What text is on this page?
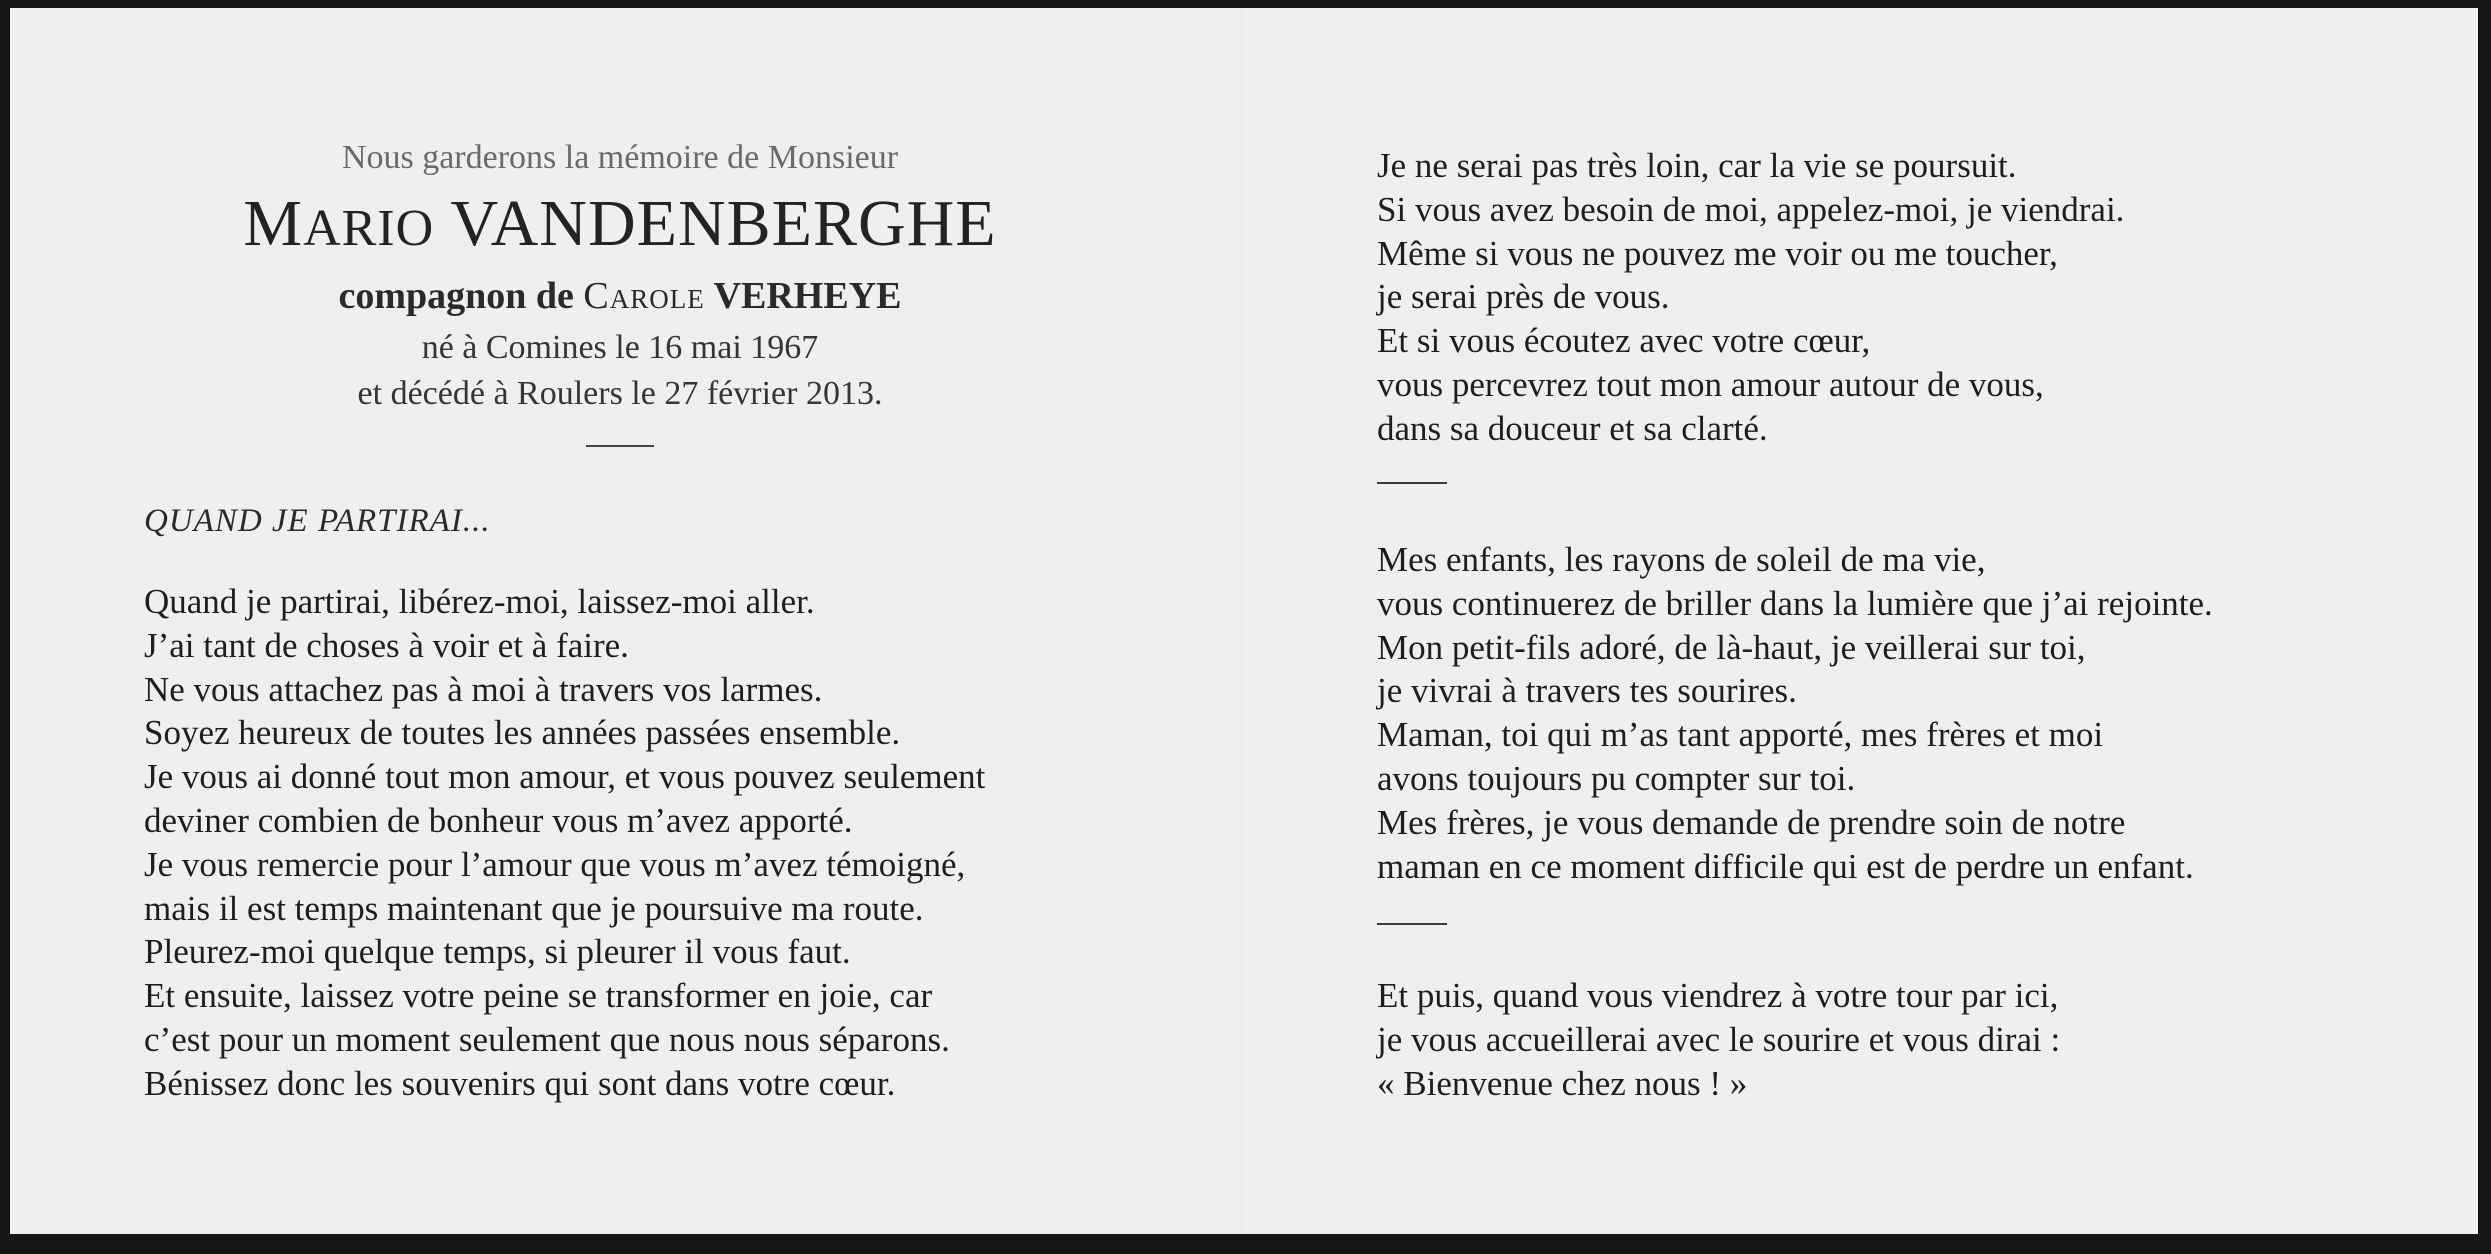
Nous garderons la mémoire de Monsieur

MARIO VANDENBERGHE

compagnon de Carole VERHEYE

né à Comines le 16 mai 1967
et décédé à Roulers le 27 février 2013.

QUAND JE PARTIRAI...

Quand je partirai, libérez-moi, laissez-moi aller.
J’ai tant de choses à voir et à faire.
Ne vous attachez pas à moi à travers vos larmes.
Soyez heureux de toutes les années passées ensemble.
Je vous ai donné tout mon amour, et vous pouvez seulement
deviner combien de bonheur vous m’avez apporté.
Je vous remercie pour l’amour que vous m’avez témoigné,
mais il est temps maintenant que je poursuive ma route.
Pleurez-moi quelque temps, si pleurer il vous faut.
Et ensuite, laissez votre peine se transformer en joie, car
c’est pour un moment seulement que nous nous séparons.
Bénissez donc les souvenirs qui sont dans votre cœur.
Je ne serai pas très loin, car la vie se poursuit.
Si vous avez besoin de moi, appelez-moi, je viendrai.
Même si vous ne pouvez me voir ou me toucher,
je serai près de vous.
Et si vous écoutez avec votre cœur,
vous percevrez tout mon amour autour de vous,
dans sa douceur et sa clarté.
Mes enfants, les rayons de soleil de ma vie,
vous continuerez de briller dans la lumière que j’ai rejointe.
Mon petit-fils adoré, de là-haut, je veillerai sur toi,
je vivrai à travers tes sourires.
Maman, toi qui m’as tant apporté, mes frères et moi
avons toujours pu compter sur toi.
Mes frères, je vous demande de prendre soin de notre
maman en ce moment difficile qui est de perdre un enfant.
Et puis, quand vous viendrez à votre tour par ici,
je vous accueillerai avec le sourire et vous dirai :
« Bienvenue chez nous ! »
